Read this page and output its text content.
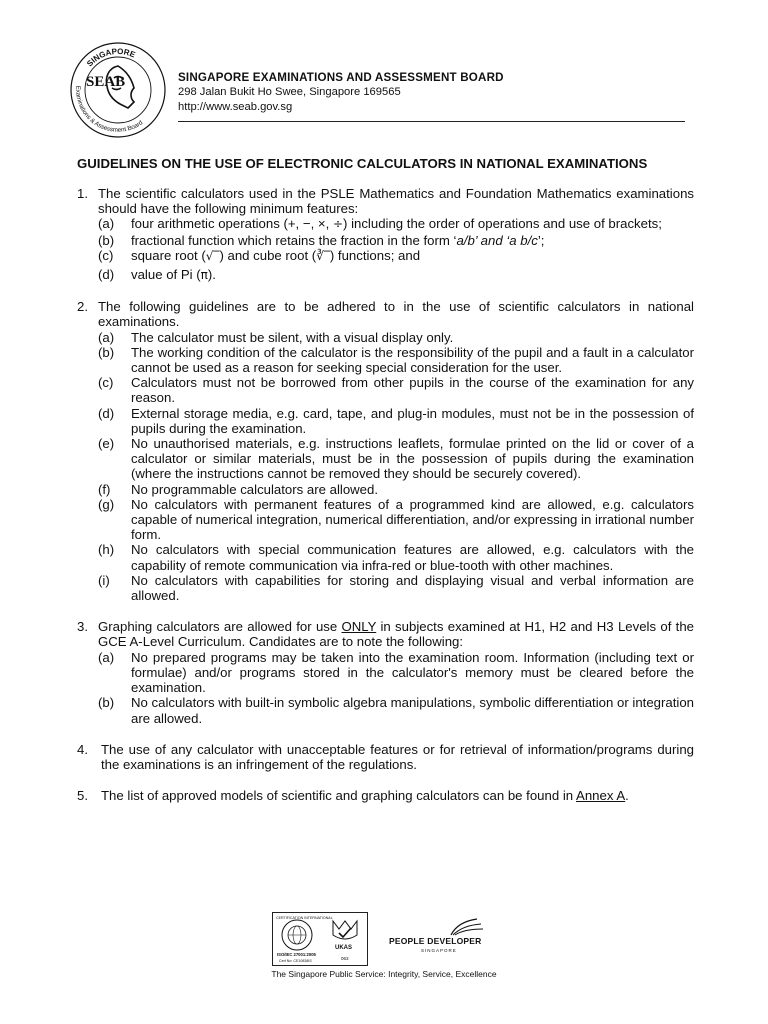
SINGAPORE
Examinations & Assessment Board
SEAB	SINGAPORE EXAMINATIONS AND ASSESSMENT BOARD
298 Jalan Bukit Ho Swee, Singapore 169565
http://www.seab.gov.sg
GUIDELINES ON THE USE OF ELECTRONIC CALCULATORS IN NATIONAL EXAMINATIONS
1. The scientific calculators used in the PSLE Mathematics and Foundation Mathematics examinations should have the following minimum features:
(a) four arithmetic operations (+, −, ×, ÷) including the order of operations and use of brackets;
(b) fractional function which retains the fraction in the form ‘a/b’ and ‘a b/c’;
(c) square root (√‾) and cube root (∛‾) functions; and
(d) value of Pi (π).
2. The following guidelines are to be adhered to in the use of scientific calculators in national examinations.
(a) The calculator must be silent, with a visual display only.
(b) The working condition of the calculator is the responsibility of the pupil and a fault in a calculator cannot be used as a reason for seeking special consideration for the user.
(c) Calculators must not be borrowed from other pupils in the course of the examination for any reason.
(d) External storage media, e.g. card, tape, and plug-in modules, must not be in the possession of pupils during the examination.
(e) No unauthorised materials, e.g. instructions leaflets, formulae printed on the lid or cover of a calculator or similar materials, must be in the possession of pupils during the examination (where the instructions cannot be removed they should be securely covered).
(f) No programmable calculators are allowed.
(g) No calculators with permanent features of a programmed kind are allowed, e.g. calculators capable of numerical integration, numerical differentiation, and/or expressing in irrational number form.
(h) No calculators with special communication features are allowed, e.g. calculators with the capability of remote communication via infra-red or blue-tooth with other machines.
(i) No calculators with capabilities for storing and displaying visual and verbal information are allowed.
3. Graphing calculators are allowed for use ONLY in subjects examined at H1, H2 and H3 Levels of the GCE A-Level Curriculum. Candidates are to note the following:
(a) No prepared programs may be taken into the examination room. Information (including text or formulae) and/or programs stored in the calculator's memory must be cleared before the examination.
(b) No calculators with built-in symbolic algebra manipulations, symbolic differentiation or integration are allowed.
4. The use of any calculator with unacceptable features or for retrieval of information/programs during the examinations is an infringement of the regulations.
5. The list of approved models of scientific and graphing calculators can be found in Annex A.
CERTIFICATION INTERNATIONAL
ISO/IEC 27001:2005
Cert No: CE10838IS
UKAS
063
PEOPLE DEVELOPER
SINGAPORE
The Singapore Public Service: Integrity, Service, Excellence
